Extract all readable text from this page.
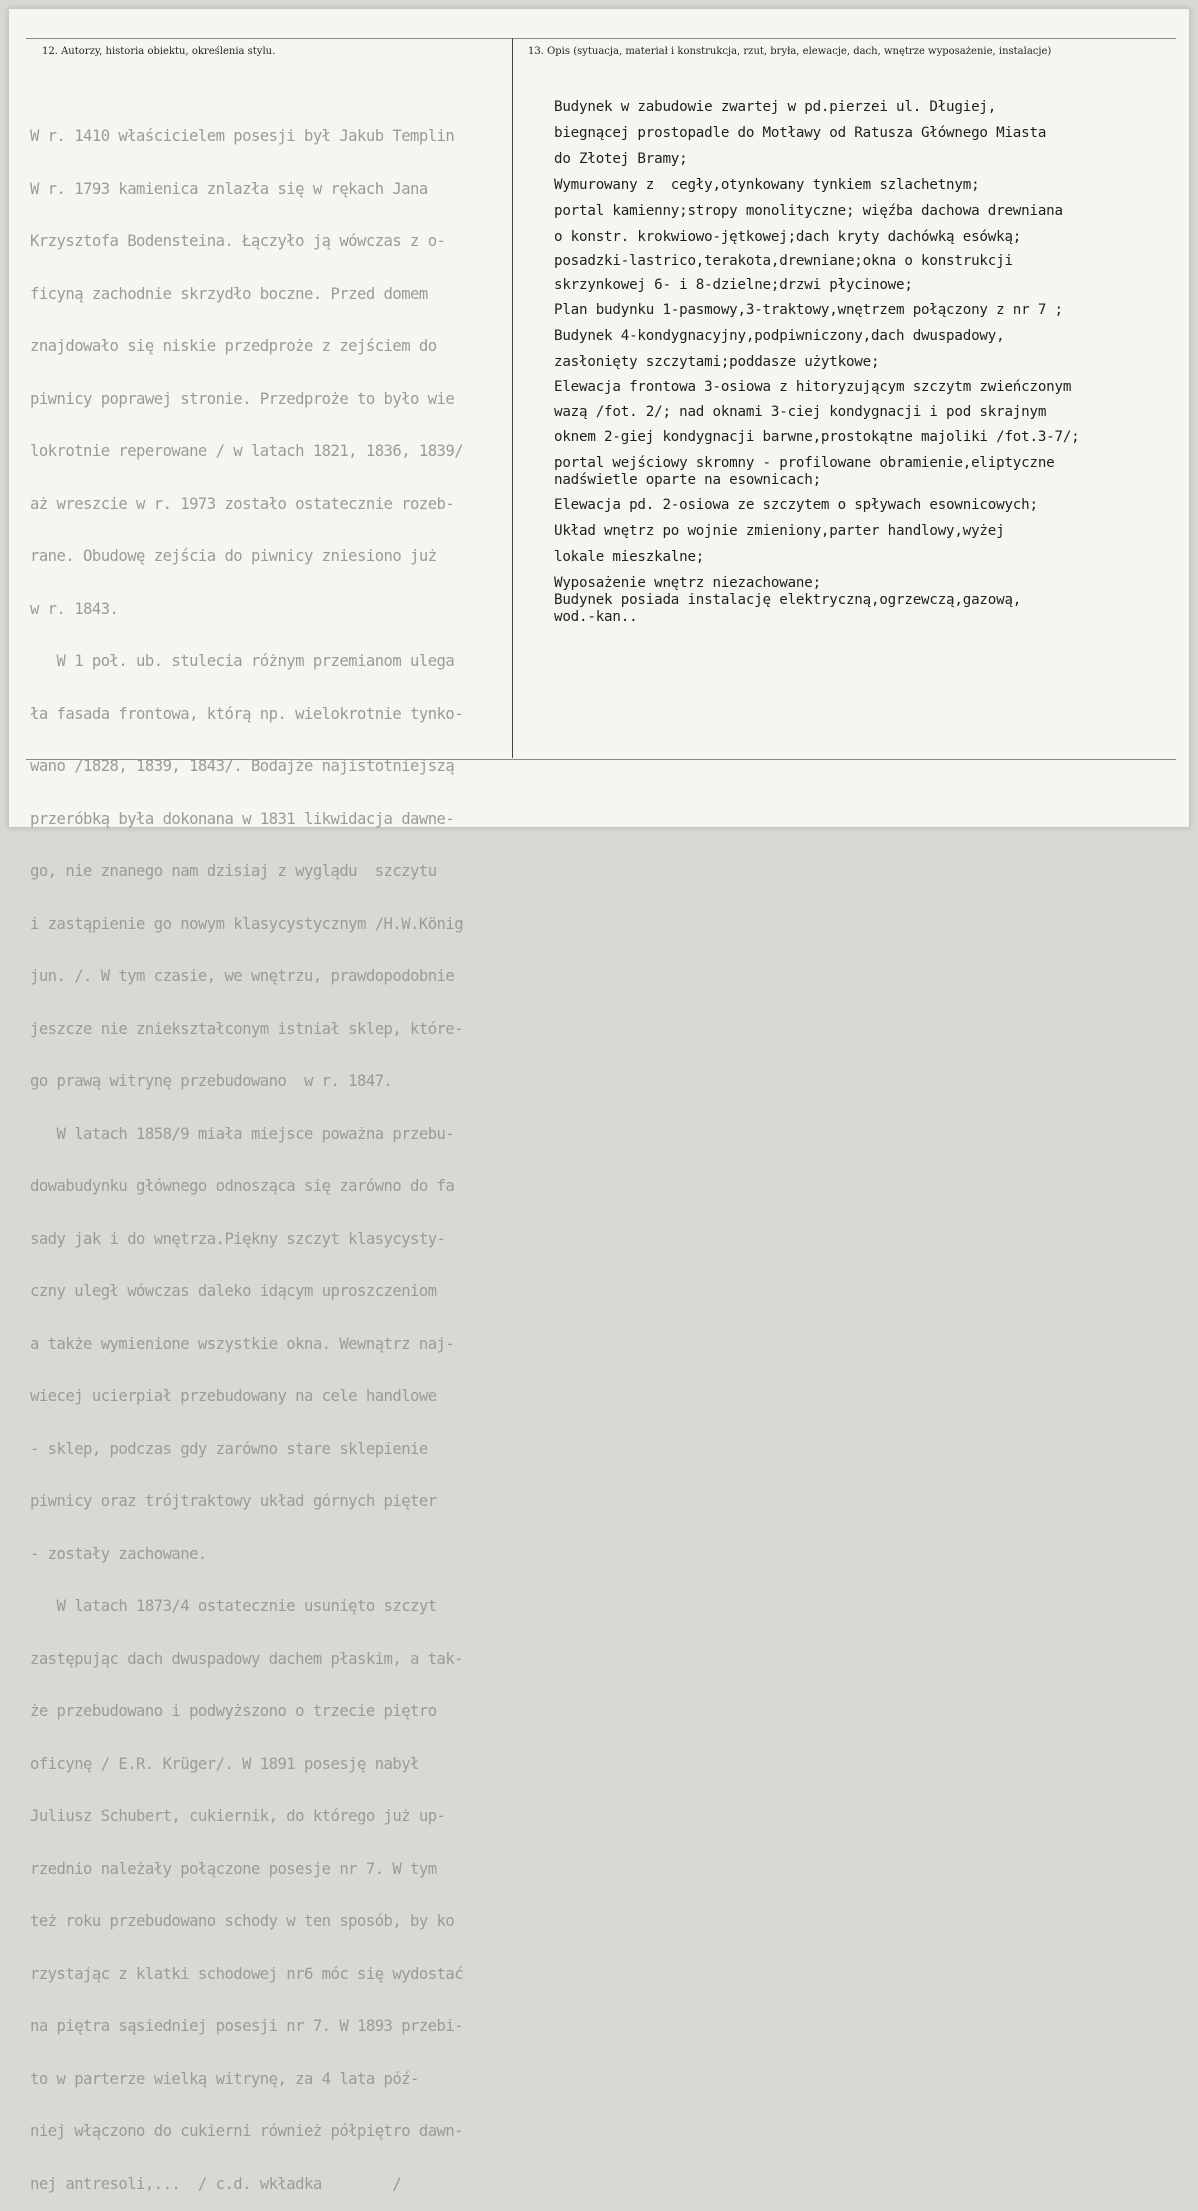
12. Autorzy, historia obiektu, określenia stylu.	13. Opis (sytuacja, materiał i konstrukcja, rzut, bryła, elewacje, dach, wnętrze wyposażenie, instalacje)

W r. 1410 właścicielem posesji był Jakub Templin

W r. 1793 kamienica znlazła się w rękach Jana

Krzysztofa Bodensteina. Łączyło ją wówczas z o-

ficyną zachodnie skrzydło boczne. Przed domem

znajdowało się niskie przedproże z zejściem do

piwnicy poprawej stronie. Przedproże to było wie

lokrotnie reperowane / w latach 1821, 1836, 1839/

aż wreszcie w r. 1973 zostało ostatecznie rozeb-

rane. Obudowę zejścia do piwnicy zniesiono już

w r. 1843.

W 1 poł. ub. stulecia różnym przemianom ulega

ła fasada frontowa, którą np. wielokrotnie tynko-

wano /1828, 1839, 1843/. Bodajże najistotniejszą

przeróbką była dokonana w 1831 likwidacja dawne-

go, nie znanego nam dzisiaj z wyglądu  szczytu

i zastąpienie go nowym klasycystycznym /H.W.König

jun. /. W tym czasie, we wnętrzu, prawdopodobnie

jeszcze nie zniekształconym istniał sklep, które-

go prawą witrynę przebudowano  w r. 1847.

W latach 1858/9 miała miejsce poważna przebu-

dowabudynku głównego odnosząca się zarówno do fa

sady jak i do wnętrza.Piękny szczyt klasycysty-

czny uległ wówczas daleko idącym uproszczeniom

a także wymienione wszystkie okna. Wewnątrz naj-

wiecej ucierpiał przebudowany na cele handlowe

- sklep, podczas gdy zarówno stare sklepienie

piwnicy oraz trójtraktowy układ górnych pięter

- zostały zachowane.

W latach 1873/4 ostatecznie usunięto szczyt

zastępując dach dwuspadowy dachem płaskim, a tak-

że przebudowano i podwyższono o trzecie piętro

oficynę / E.R. Krüger/. W 1891 posesję nabył

Juliusz Schubert, cukiernik, do którego już up-

rzednio należały połączone posesje nr 7. W tym

też roku przebudowano schody w ten sposób, by ko

rzystając z klatki schodowej nr6 móc się wydostać

na piętra sąsiedniej posesji nr 7. W 1893 przebi-

to w parterze wielką witrynę, za 4 lata póź-

niej włączono do cukierni również półpiętro dawn-

nej antresoli,...  / c.d. wkładka        /

Budynek w zabudowie zwartej w pd.pierzei ul. Długiej,

biegnącej prostopadle do Motławy od Ratusza Głównego Miasta

do Złotej Bramy;

Wymurowany z  cegły,otynkowany tynkiem szlachetnym;

portal kamienny;stropy monolityczne; więźba dachowa drewniana

o konstr. krokwiowo-jętkowej;dach kryty dachówką esówką;

posadzki-lastrico,terakota,drewniane;okna o konstrukcji

skrzynkowej 6- i 8-dzielne;drzwi płycinowe;

Plan budynku 1-pasmowy,3-traktowy,wnętrzem połączony z nr 7 ;

Budynek 4-kondygnacyjny,podpiwniczony,dach dwuspadowy,

zasłonięty szczytami;poddasze użytkowe;

Elewacja frontowa 3-osiowa z hitoryzującym szczytm zwieńczonym

wazą /fot. 2/; nad oknami 3-ciej kondygnacji i pod skrajnym

oknem 2-giej kondygnacji barwne,prostokątne majoliki /fot.3-7/;

portal wejściowy skromny - profilowane obramienie,eliptyczne

nadświetle oparte na esownicach;

Elewacja pd. 2-osiowa ze szczytem o spływach esownicowych;

Układ wnętrz po wojnie zmieniony,parter handlowy,wyżej

lokale mieszkalne;

Wyposażenie wnętrz niezachowane;

Budynek posiada instalację elektryczną,ogrzewczą,gazową,

wod.-kan..
